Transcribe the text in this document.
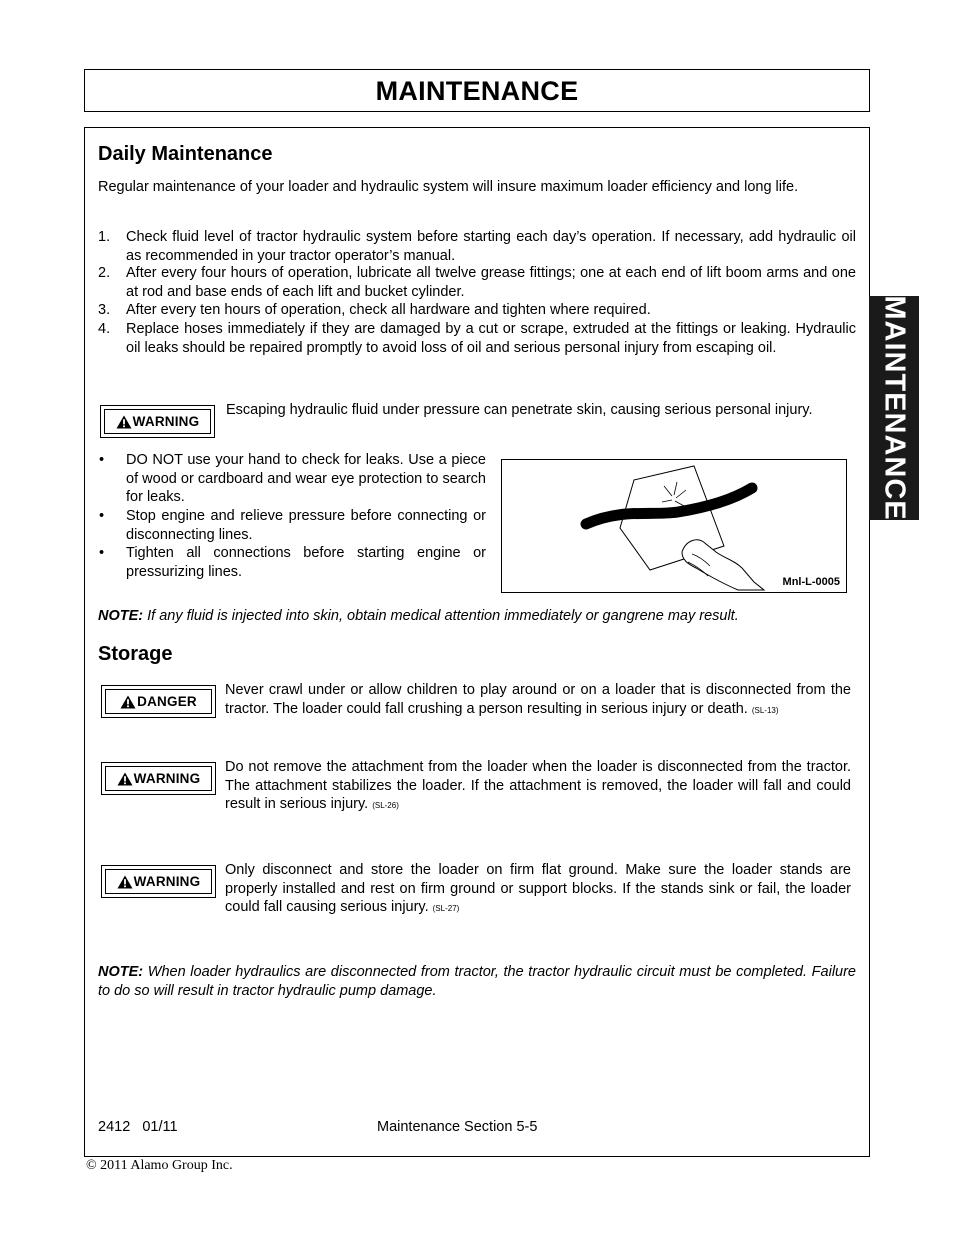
MAINTENANCE
MAINTENANCE
Daily Maintenance
Regular maintenance of your loader and hydraulic system will insure maximum loader efficiency and long life.
1. Check fluid level of tractor hydraulic system before starting each day’s operation. If necessary, add hydraulic oil as recommended in your tractor operator’s manual.
2. After every four hours of operation, lubricate all twelve grease fittings; one at each end of lift boom arms and one at rod and base ends of each lift and bucket cylinder.
3. After every ten hours of operation, check all hardware and tighten where required.
4. Replace hoses immediately if they are damaged by a cut or scrape, extruded at the fittings or leaking. Hydraulic oil leaks should be repaired promptly to avoid loss of oil and serious personal injury from escaping oil.
WARNING
Escaping hydraulic fluid under pressure can penetrate skin, causing serious personal injury.
• DO NOT use your hand to check for leaks. Use a piece of wood or cardboard and wear eye protection to search for leaks.
• Stop engine and relieve pressure before connecting or disconnecting lines.
• Tighten all connections before starting engine or pressurizing lines.
Mnl-L-0005
NOTE: If any fluid is injected into skin, obtain medical attention immediately or gangrene may result.
Storage
DANGER
Never crawl under or allow children to play around or on a loader that is disconnected from the tractor. The loader could fall crushing a person resulting in serious injury or death. (SL-13)
WARNING
Do not remove the attachment from the loader when the loader is disconnected from the tractor. The attachment stabilizes the loader. If the attachment is removed, the loader will fall and could result in serious injury. (SL-26)
WARNING
Only disconnect and store the loader on firm flat ground. Make sure the loader stands are properly installed and rest on firm ground or support blocks. If the stands sink or fail, the loader could fall causing serious injury. (SL-27)
NOTE: When loader hydraulics are disconnected from tractor, the tractor hydraulic circuit must be completed. Failure to do so will result in tractor hydraulic pump damage.
2412   01/11	Maintenance Section 5-5
© 2011 Alamo Group Inc.
